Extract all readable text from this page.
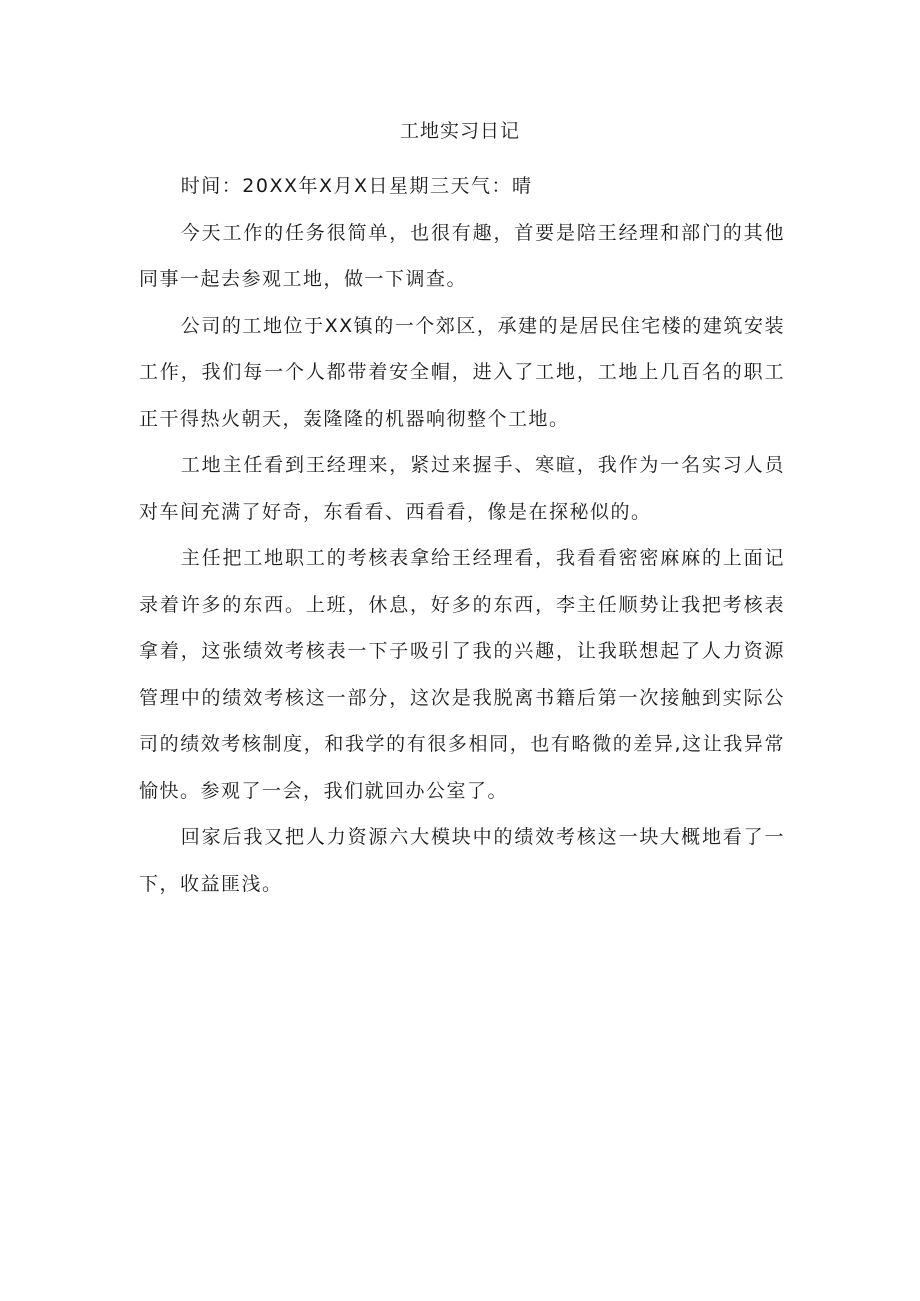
工地实习日记

时间：20XX年X月X日星期三天气：晴

今天工作的任务很简单，也很有趣，首要是陪王经理和部门的其他同事一起去参观工地，做一下调查。

公司的工地位于XX镇的一个郊区，承建的是居民住宅楼的建筑安装工作，我们每一个人都带着安全帽，进入了工地，工地上几百名的职工正干得热火朝天，轰隆隆的机器响彻整个工地。

工地主任看到王经理来，紧过来握手、寒暄，我作为一名实习人员对车间充满了好奇，东看看、西看看，像是在探秘似的。

主任把工地职工的考核表拿给王经理看，我看看密密麻麻的上面记录着许多的东西。上班，休息，好多的东西，李主任顺势让我把考核表拿着，这张绩效考核表一下子吸引了我的兴趣，让我联想起了人力资源管理中的绩效考核这一部分，这次是我脱离书籍后第一次接触到实际公司的绩效考核制度，和我学的有很多相同，也有略微的差异,这让我异常愉快。参观了一会，我们就回办公室了。

回家后我又把人力资源六大模块中的绩效考核这一块大概地看了一下，收益匪浅。
